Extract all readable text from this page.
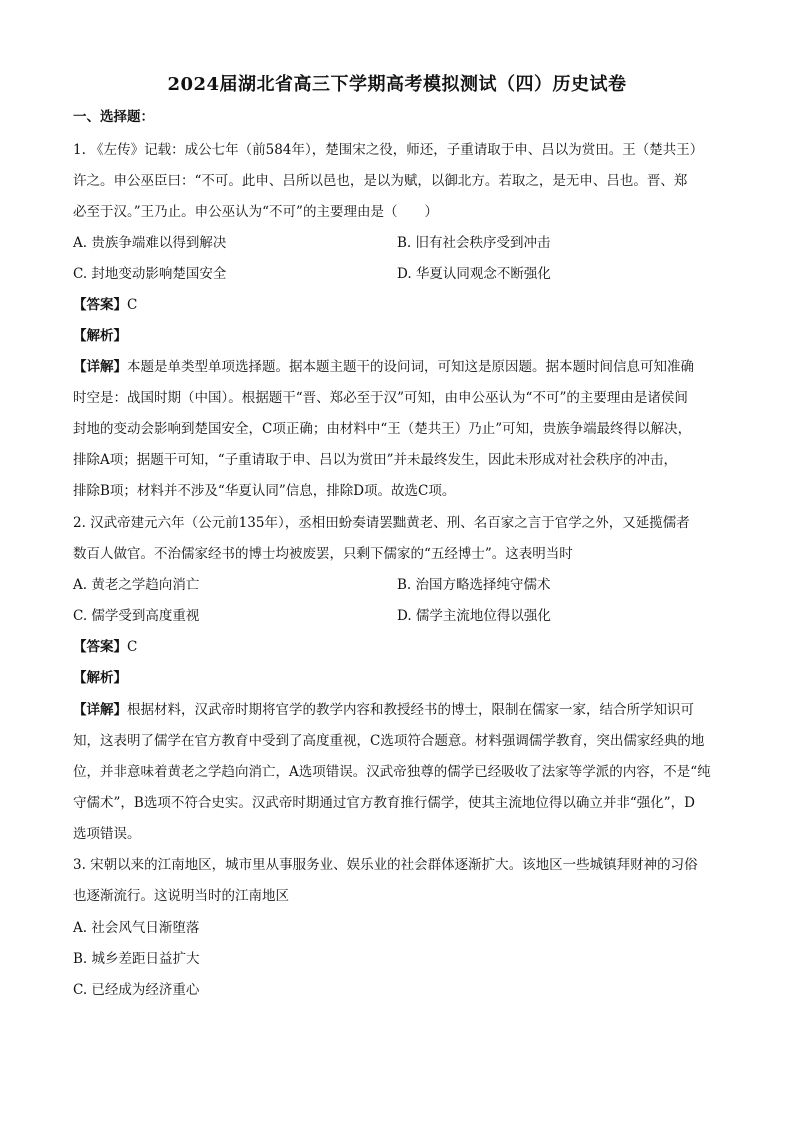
2024届湖北省高三下学期高考模拟测试（四）历史试卷
一、选择题：
1. 《左传》记载：成公七年（前584年），楚围宋之役，师还，子重请取于申、吕以为赏田。王（楚共王）
许之。申公巫臣曰：“不可。此申、吕所以邑也，是以为赋，以御北方。若取之，是无申、吕也。晋、郑
必至于汉。”王乃止。申公巫认为“不可”的主要理由是（　　）
A. 贵族争端难以得到解决	B. 旧有社会秩序受到冲击
C. 封地变动影响楚国安全	D. 华夏认同观念不断强化
【答案】C
【解析】
【详解】本题是单类型单项选择题。据本题主题干的设问词，可知这是原因题。据本题时间信息可知准确
时空是：战国时期（中国）。根据题干“晋、郑必至于汉”可知，由申公巫认为“不可”的主要理由是诸侯间
封地的变动会影响到楚国安全，C项正确；由材料中“王（楚共王）乃止”可知，贵族争端最终得以解决，
排除A项；据题干可知，“子重请取于申、吕以为赏田”并未最终发生，因此未形成对社会秩序的冲击，
排除B项；材料并不涉及“华夏认同”信息，排除D项。故选C项。
2. 汉武帝建元六年（公元前135年），丞相田蚡奏请罢黜黄老、刑、名百家之言于官学之外，又延揽儒者
数百人做官。不治儒家经书的博士均被废罢，只剩下儒家的“五经博士”。这表明当时
A. 黄老之学趋向消亡	B. 治国方略选择纯守儒术
C. 儒学受到高度重视	D. 儒学主流地位得以强化
【答案】C
【解析】
【详解】根据材料，汉武帝时期将官学的教学内容和教授经书的博士，限制在儒家一家，结合所学知识可
知，这表明了儒学在官方教育中受到了高度重视，C选项符合题意。材料强调儒学教育，突出儒家经典的地
位，并非意味着黄老之学趋向消亡，A选项错误。汉武帝独尊的儒学已经吸收了法家等学派的内容，不是“纯
守儒术”，B选项不符合史实。汉武帝时期通过官方教育推行儒学，使其主流地位得以确立并非“强化”，D
选项错误。
3. 宋朝以来的江南地区，城市里从事服务业、娱乐业的社会群体逐渐扩大。该地区一些城镇拜财神的习俗
也逐渐流行。这说明当时的江南地区
A. 社会风气日渐堕落
B. 城乡差距日益扩大
C. 已经成为经济重心
